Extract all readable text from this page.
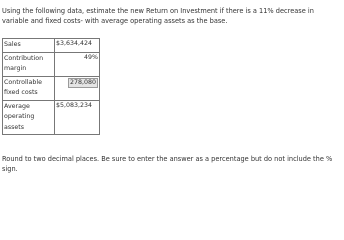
Using the following data, estimate the new Return on Investment if there is a 11% decrease in variable and fixed costs- with average operating assets as the base.

Sales	$3,634,424
Contribution margin	49%
Controllable fixed costs	278,080
Average operating assets	$5,083,234

Round to two decimal places. Be sure to enter the answer as a percentage but do not include the % sign.
